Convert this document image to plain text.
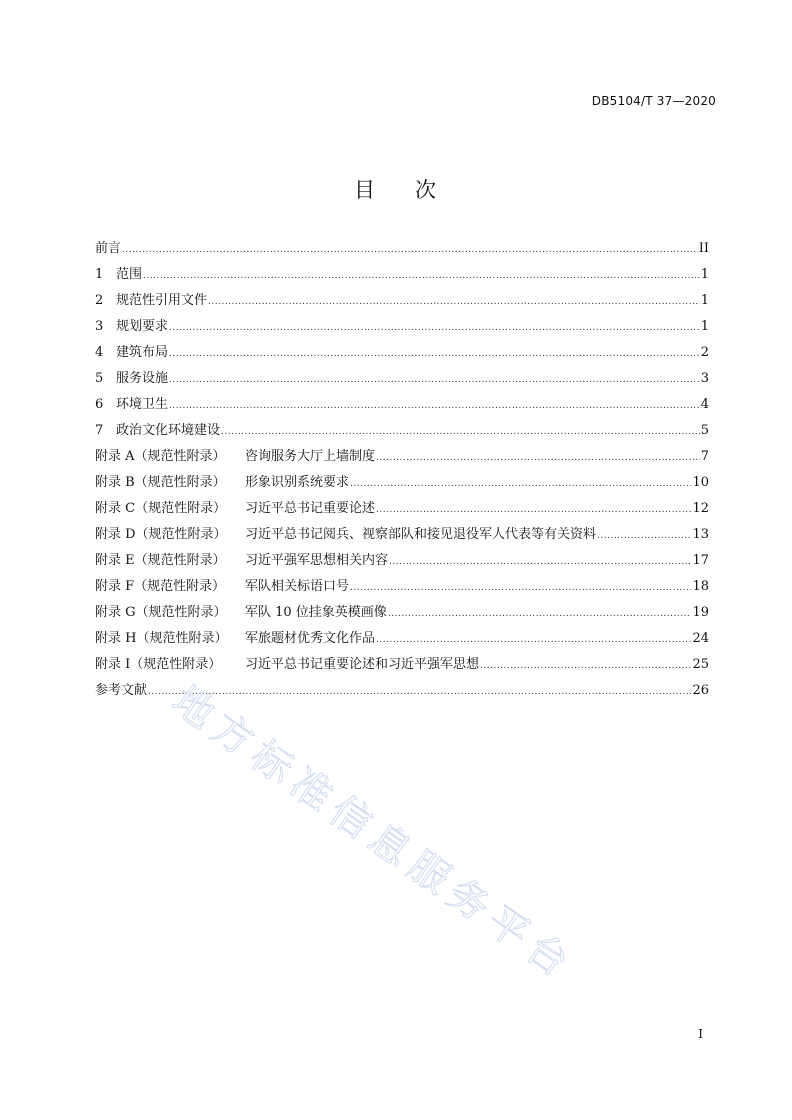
DB5104/T 37—2020
目 次
前言 .....	II
1 范围 .....	1
2 规范性引用文件 .....	1
3 规划要求 .....	1
4 建筑布局 .....	2
5 服务设施 .....	3
6 环境卫生 .....	4
7 政治文化环境建设 .....	5
附录 A（规范性附录）	咨询服务大厅上墙制度 .....	7
附录 B（规范性附录）	形象识别系统要求 .....	10
附录 C（规范性附录）	习近平总书记重要论述 .....	12
附录 D（规范性附录）	习近平总书记阅兵、视察部队和接见退役军人代表等有关资料 .....	13
附录 E（规范性附录）	习近平强军思想相关内容 .....	17
附录 F（规范性附录）	军队相关标语口号 .....	18
附录 G（规范性附录）	军队 10 位挂象英模画像 .....	19
附录 H（规范性附录）	军旅题材优秀文化作品 .....	24
附录 I（规范性附录）	习近平总书记重要论述和习近平强军思想 .....	25
参考文献 .....	26
地方标准信息服务平台
I
